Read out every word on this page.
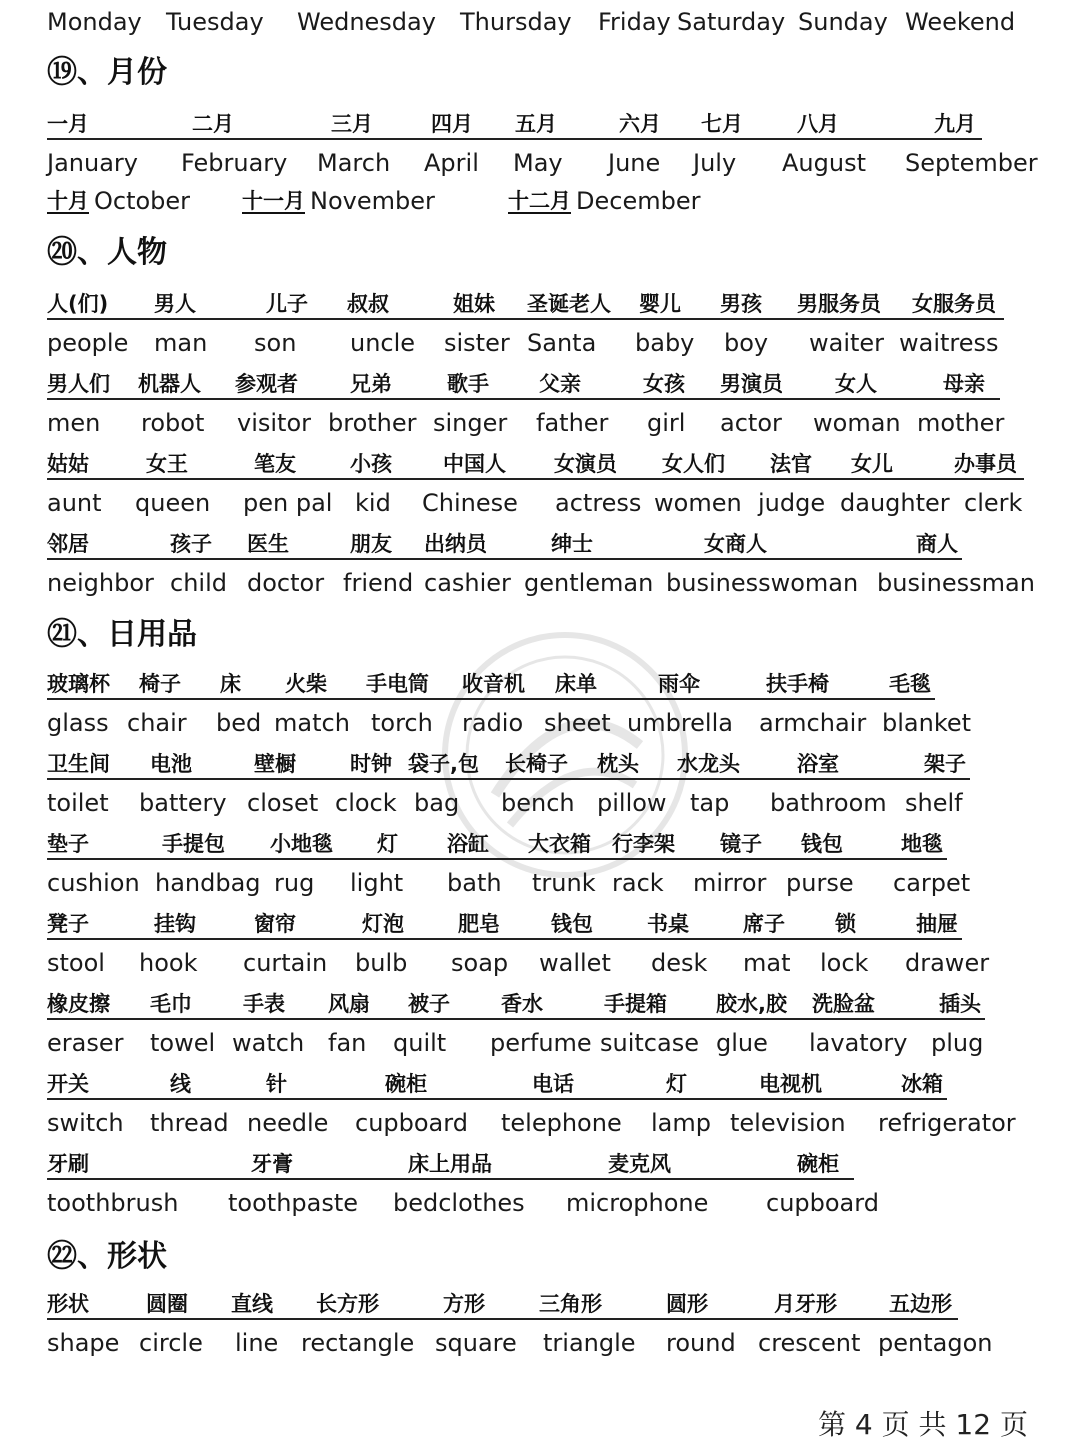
Monday Tuesday Wednesday Thursday Friday Saturday Sunday Weekend
⑲、月份
一月	二月	三月	四月 五月	六月 七月	八月	九月
January February March April May June July August September
十月 October 十一月 November	十二月 December
⑳、人物
人(们) 男人	儿子 叔叔	姐妹 圣诞老人 婴儿 男孩 男服务员 女服务员
people man son uncle sister Santa baby boy waiter waitress
男人们 机器人 参观者 兄弟	歌手 父亲	女孩 男演员 女人	母亲
men robot visitor brother singer father girl actor woman mother
姑姑	女王	笔友	小孩 中国人 女演员 女人们 法官 女儿	办事员
aunt queen pen pal kid Chinese actress women judge daughter clerk
邻居	孩子 医生	朋友 出纳员	绅士	女商人	商人
neighbor child doctor friend cashier gentleman businesswoman businessman
㉑、日用品
玻璃杯 椅子 床 火柴 手电筒 收音机 床单	雨伞	扶手椅	毛毯
glass chair bed match torch radio sheet umbrella armchair blanket
卫生间 电池	壁橱	时钟 袋子,包 长椅子 枕头 水龙头	浴室	架子
toilet battery closet clock bag bench pillow tap bathroom shelf
垫子	手提包 小地毯 灯 浴缸 大衣箱 行李架 镜子 钱包	地毯
cushion handbag rug light bath trunk rack mirror purse carpet
凳子	挂钩	窗帘	灯泡	肥皂 钱包	书桌	席子 锁	抽屉
stool hook curtain bulb soap wallet desk mat lock drawer
橡皮擦 毛巾 手表 风扇 被子 香水	手提箱 胶水,胶 洗脸盆	插头
eraser towel watch fan quilt perfume suitcase glue lavatory plug
开关	线	针	碗柜	电话	灯	电视机	冰箱
switch thread needle cupboard telephone lamp television refrigerator
牙刷	牙膏	床上用品	麦克风	碗柜
toothbrush toothpaste bedclothes microphone cupboard
㉒、形状
形状	圆圈 直线 长方形	方形	三角形	圆形	月牙形 五边形
shape circle line rectangle square triangle round crescent pentagon
第 4 页 共 12 页
